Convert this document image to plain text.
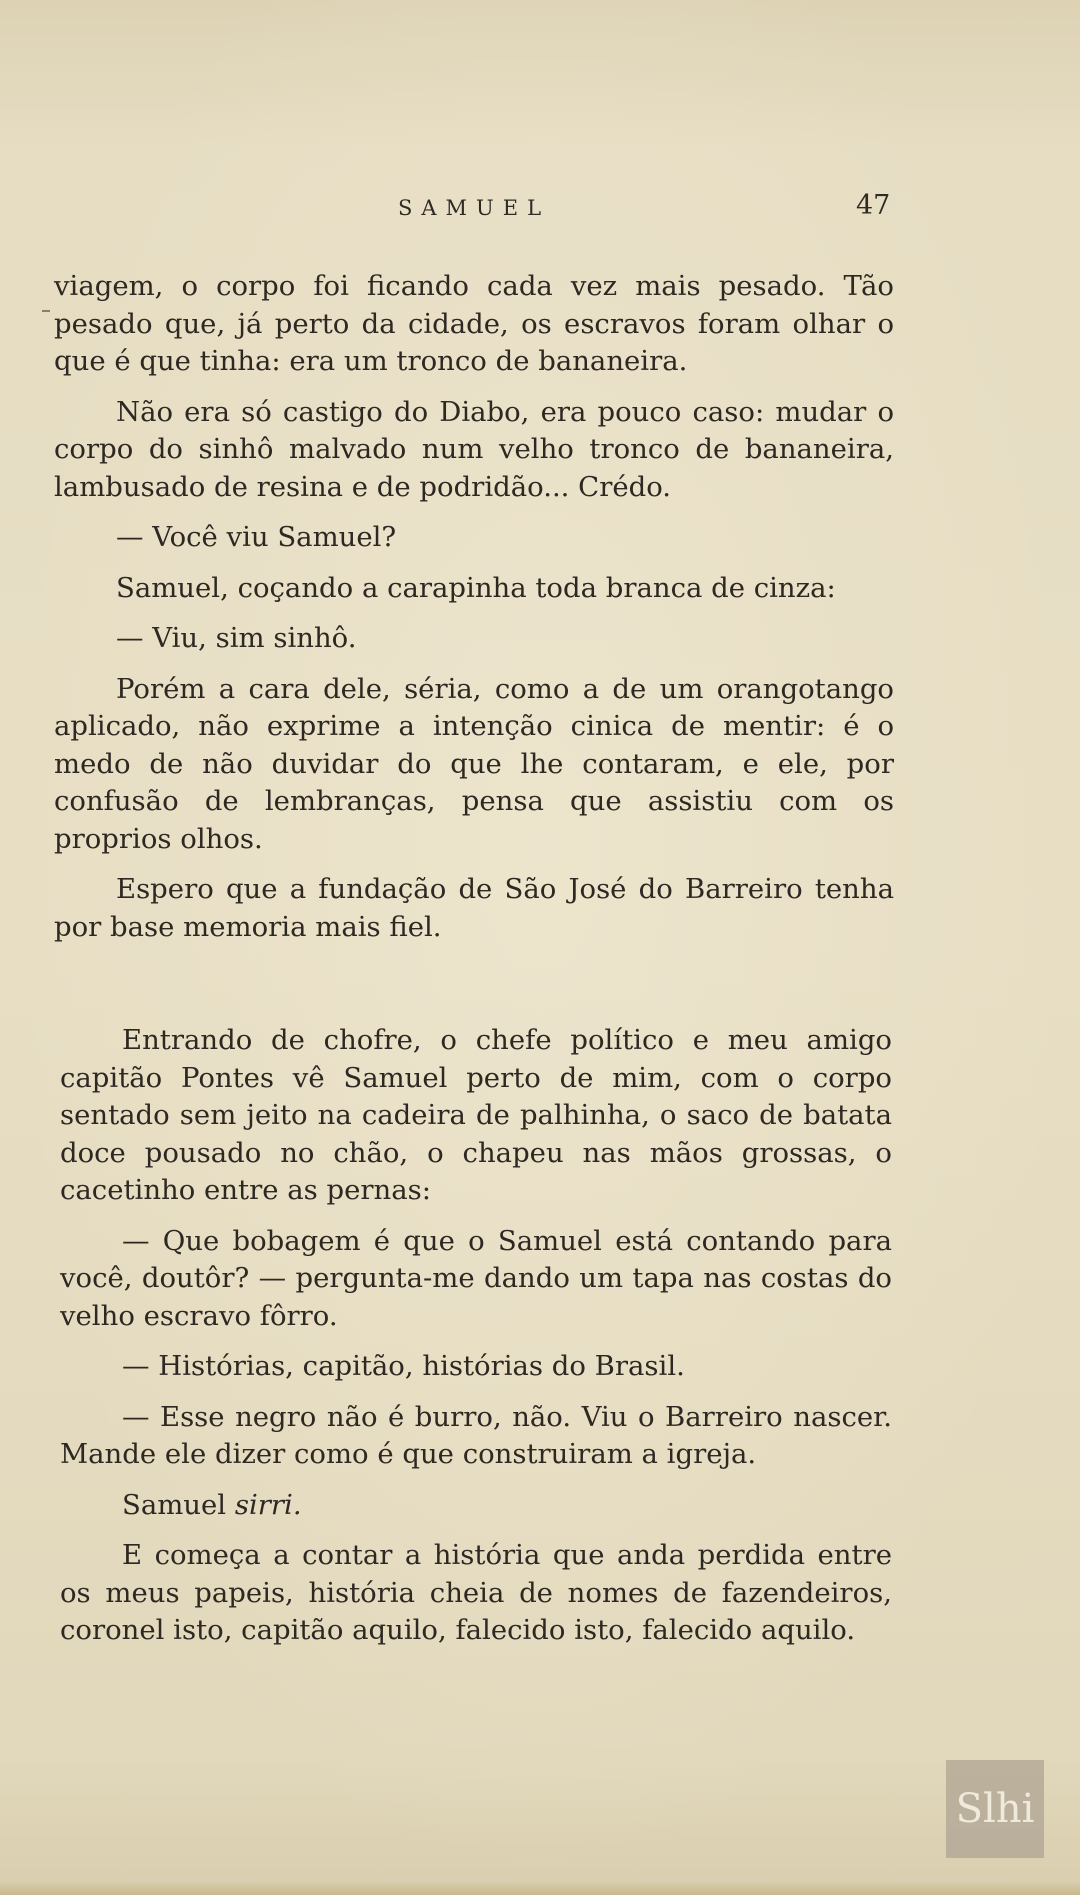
SAMUEL	47

viagem, o corpo foi ficando cada vez mais pesado. Tão pesado que, já perto da cidade, os escravos foram olhar o que é que tinha: era um tronco de bananeira.

Não era só castigo do Diabo, era pouco caso: mudar o corpo do sinhô malvado num velho tronco de bananeira, lambusado de resina e de podridão... Crédo.

— Você viu Samuel?

Samuel, coçando a carapinha toda branca de cinza:

— Viu, sim sinhô.

Porém a cara dele, séria, como a de um orangotango aplicado, não exprime a intenção cinica de mentir: é o medo de não duvidar do que lhe contaram, e ele, por confusão de lembranças, pensa que assistiu com os proprios olhos.

Espero que a fundação de São José do Barreiro tenha por base memoria mais fiel.

Entrando de chofre, o chefe político e meu amigo capitão Pontes vê Samuel perto de mim, com o corpo sentado sem jeito na cadeira de palhinha, o saco de batata doce pousado no chão, o chapeu nas mãos grossas, o cacetinho entre as pernas:

— Que bobagem é que o Samuel está contando para você, doutôr? — pergunta-me dando um tapa nas costas do velho escravo fôrro.

— Histórias, capitão, histórias do Brasil.

— Esse negro não é burro, não. Viu o Barreiro nascer. Mande ele dizer como é que construiram a igreja.

Samuel sirri.

E começa a contar a história que anda perdida entre os meus papeis, história cheia de nomes de fazendeiros, coronel isto, capitão aquilo, falecido isto, falecido aquilo.

Slhi
